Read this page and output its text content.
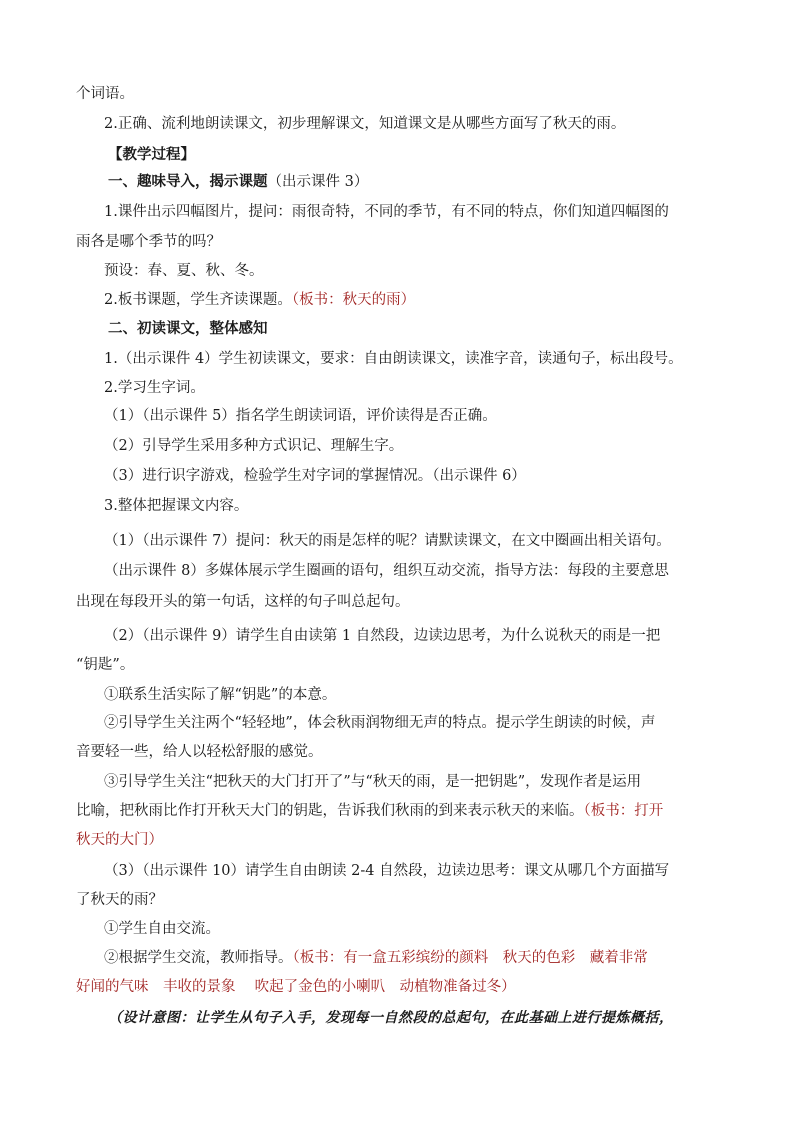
个词语。
2.正确、流利地朗读课文，初步理解课文，知道课文是从哪些方面写了秋天的雨。
【教学过程】
一、趣味导入，揭示课题（出示课件 3）
1.课件出示四幅图片，提问：雨很奇特，不同的季节，有不同的特点，你们知道四幅图的
雨各是哪个季节的吗？
预设：春、夏、秋、冬。
2.板书课题，学生齐读课题。（板书：秋天的雨）
二、初读课文，整体感知
1.（出示课件 4）学生初读课文，要求：自由朗读课文，读准字音，读通句子，标出段号。
2.学习生字词。
（1）（出示课件 5）指名学生朗读词语，评价读得是否正确。
（2）引导学生采用多种方式识记、理解生字。
（3）进行识字游戏，检验学生对字词的掌握情况。（出示课件 6）
3.整体把握课文内容。
（1）（出示课件 7）提问：秋天的雨是怎样的呢？请默读课文，在文中圈画出相关语句。
（出示课件 8）多媒体展示学生圈画的语句，组织互动交流，指导方法：每段的主要意思
出现在每段开头的第一句话，这样的句子叫总起句。
（2）（出示课件 9）请学生自由读第 1 自然段，边读边思考，为什么说秋天的雨是一把
“钥匙”。
①联系生活实际了解“钥匙”的本意。
②引导学生关注两个“轻轻地”，体会秋雨润物细无声的特点。提示学生朗读的时候，声
音要轻一些，给人以轻松舒服的感觉。
③引导学生关注“把秋天的大门打开了”与“秋天的雨，是一把钥匙”，发现作者是运用
比喻，把秋雨比作打开秋天大门的钥匙，告诉我们秋雨的到来表示秋天的来临。（板书：打开
秋天的大门）
（3）（出示课件 10）请学生自由朗读 2-4 自然段，边读边思考：课文从哪几个方面描写
了秋天的雨？
①学生自由交流。
②根据学生交流，教师指导。（板书：有一盒五彩缤纷的颜料　秋天的色彩　藏着非常
好闻的气味　丰收的景象　 吹起了金色的小喇叭　动植物准备过冬）
（设计意图：让学生从句子入手，发现每一自然段的总起句，在此基础上进行提炼概括，
